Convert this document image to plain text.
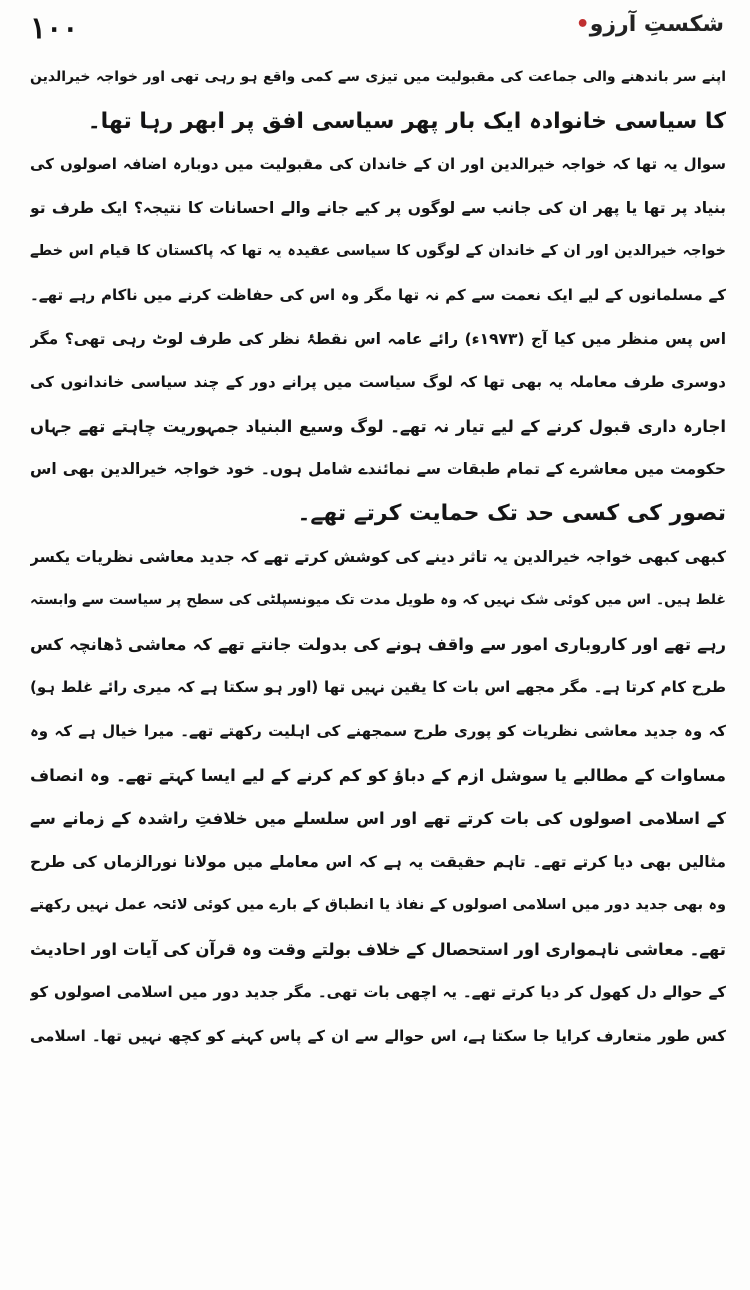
۱۰۰	شکستِ آرزو•
اپنے سر باندھنے والی جماعت کی مقبولیت میں تیزی سے کمی واقع ہو رہی تھی اور خواجہ خیرالدین
کا سیاسی خانوادہ ایک بار پھر سیاسی افق پر ابھر رہا تھا۔
سوال یہ تھا کہ خواجہ خیرالدین اور ان کے خاندان کی مقبولیت میں دوبارہ اضافہ اصولوں کی
بنیاد پر تھا یا پھر ان کی جانب سے لوگوں پر کیے جانے والے احسانات کا نتیجہ؟ ایک طرف تو
خواجہ خیرالدین اور ان کے خاندان کے لوگوں کا سیاسی عقیدہ یہ تھا کہ پاکستان کا قیام اس خطے
کے مسلمانوں کے لیے ایک نعمت سے کم نہ تھا مگر وہ اس کی حفاظت کرنے میں ناکام رہے تھے۔
اس پس منظر میں کیا آج (۱۹۷۳ء) رائے عامہ اس نقطۂ نظر کی طرف لوٹ رہی تھی؟ مگر
دوسری طرف معاملہ یہ بھی تھا کہ لوگ سیاست میں پرانے دور کے چند سیاسی خاندانوں کی
اجارہ داری قبول کرنے کے لیے تیار نہ تھے۔ لوگ وسیع البنیاد جمہوریت چاہتے تھے جہاں
حکومت میں معاشرے کے تمام طبقات سے نمائندے شامل ہوں۔ خود خواجہ خیرالدین بھی اس
تصور کی کسی حد تک حمایت کرتے تھے۔
کبھی کبھی خواجہ خیرالدین یہ تاثر دینے کی کوشش کرتے تھے کہ جدید معاشی نظریات یکسر
غلط ہیں۔ اس میں کوئی شک نہیں کہ وہ طویل مدت تک میونسپلٹی کی سطح پر سیاست سے وابستہ
رہے تھے اور کاروباری امور سے واقف ہونے کی بدولت جانتے تھے کہ معاشی ڈھانچہ کس
طرح کام کرتا ہے۔ مگر مجھے اس بات کا یقین نہیں تھا (اور ہو سکتا ہے کہ میری رائے غلط ہو)
کہ وہ جدید معاشی نظریات کو پوری طرح سمجھنے کی اہلیت رکھتے تھے۔ میرا خیال ہے کہ وہ
مساوات کے مطالبے یا سوشل ازم کے دباؤ کو کم کرنے کے لیے ایسا کہتے تھے۔ وہ انصاف
کے اسلامی اصولوں کی بات کرتے تھے اور اس سلسلے میں خلافتِ راشدہ کے زمانے سے
مثالیں بھی دیا کرتے تھے۔ تاہم حقیقت یہ ہے کہ اس معاملے میں مولانا نورالزماں کی طرح
وہ بھی جدید دور میں اسلامی اصولوں کے نفاذ یا انطباق کے بارے میں کوئی لائحہ عمل نہیں رکھتے
تھے۔ معاشی ناہمواری اور استحصال کے خلاف بولتے وقت وہ قرآن کی آیات اور احادیث
کے حوالے دل کھول کر دیا کرتے تھے۔ یہ اچھی بات تھی۔ مگر جدید دور میں اسلامی اصولوں کو
کس طور متعارف کرایا جا سکتا ہے، اس حوالے سے ان کے پاس کہنے کو کچھ نہیں تھا۔ اسلامی
